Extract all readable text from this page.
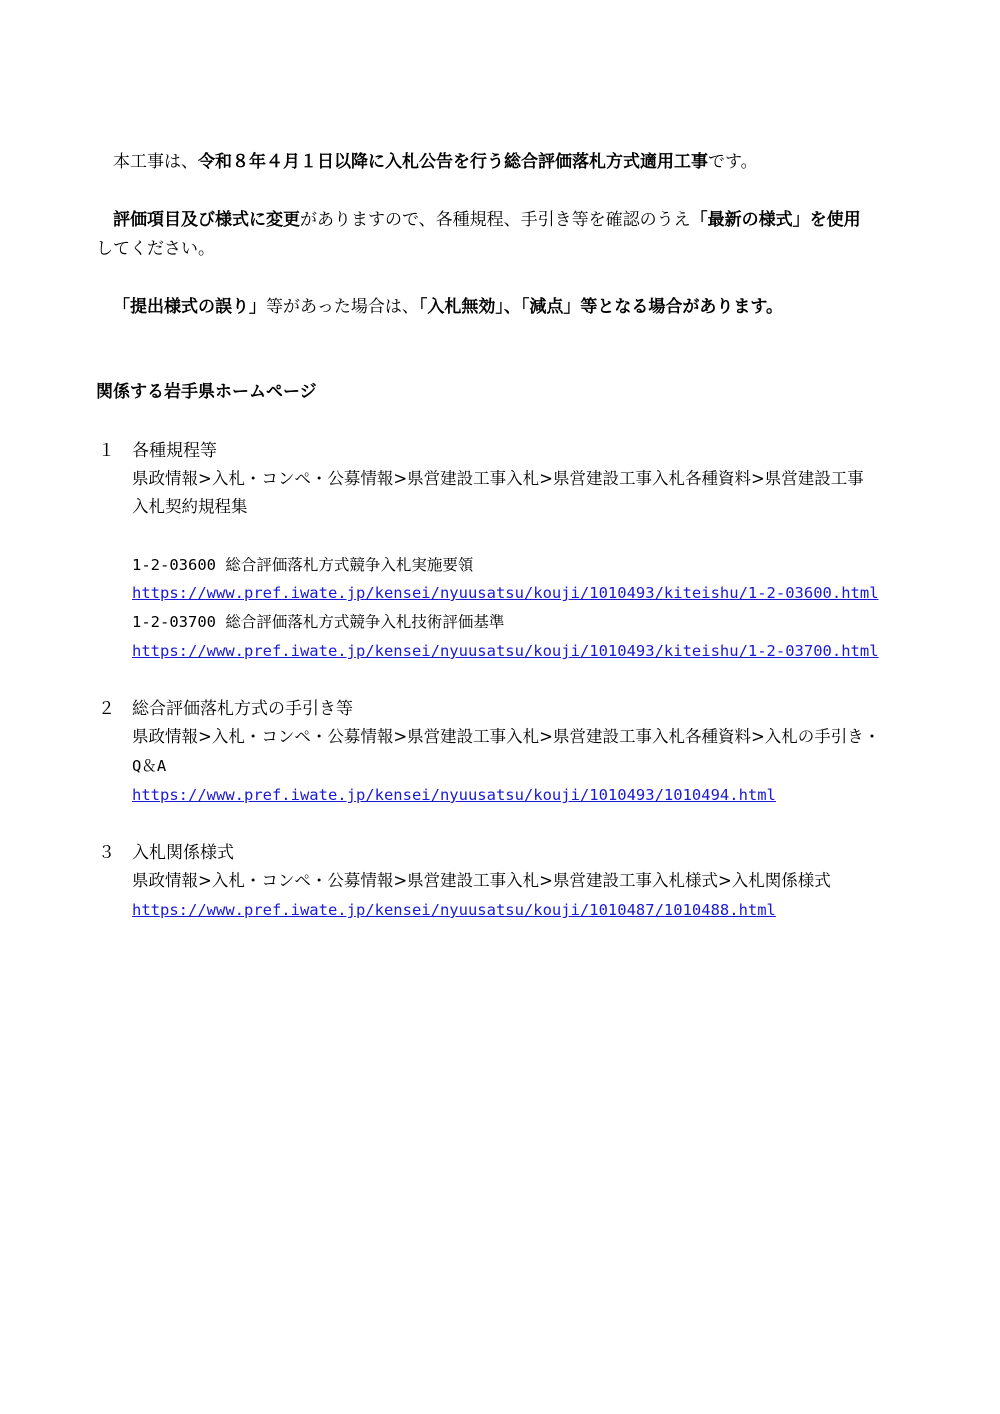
本工事は、令和８年４月１日以降に入札公告を行う総合評価落札方式適用工事です。
評価項目及び様式に変更がありますので、各種規程、手引き等を確認のうえ「最新の様式」を使用
してください。
「提出様式の誤り」等があった場合は、「入札無効」、「減点」等となる場合があります。
関係する岩手県ホームページ
１ 各種規程等
県政情報>入札・コンペ・公募情報>県営建設工事入札>県営建設工事入札各種資料>県営建設工事
入札契約規程集
1-2-03600 総合評価落札方式競争入札実施要領
https://www.pref.iwate.jp/kensei/nyuusatsu/kouji/1010493/kiteishu/1-2-03600.html
1-2-03700 総合評価落札方式競争入札技術評価基準
https://www.pref.iwate.jp/kensei/nyuusatsu/kouji/1010493/kiteishu/1-2-03700.html
２ 総合評価落札方式の手引き等
県政情報>入札・コンペ・公募情報>県営建設工事入札>県営建設工事入札各種資料>入札の手引き・
Q＆A
https://www.pref.iwate.jp/kensei/nyuusatsu/kouji/1010493/1010494.html
３ 入札関係様式
県政情報>入札・コンペ・公募情報>県営建設工事入札>県営建設工事入札様式>入札関係様式
https://www.pref.iwate.jp/kensei/nyuusatsu/kouji/1010487/1010488.html
